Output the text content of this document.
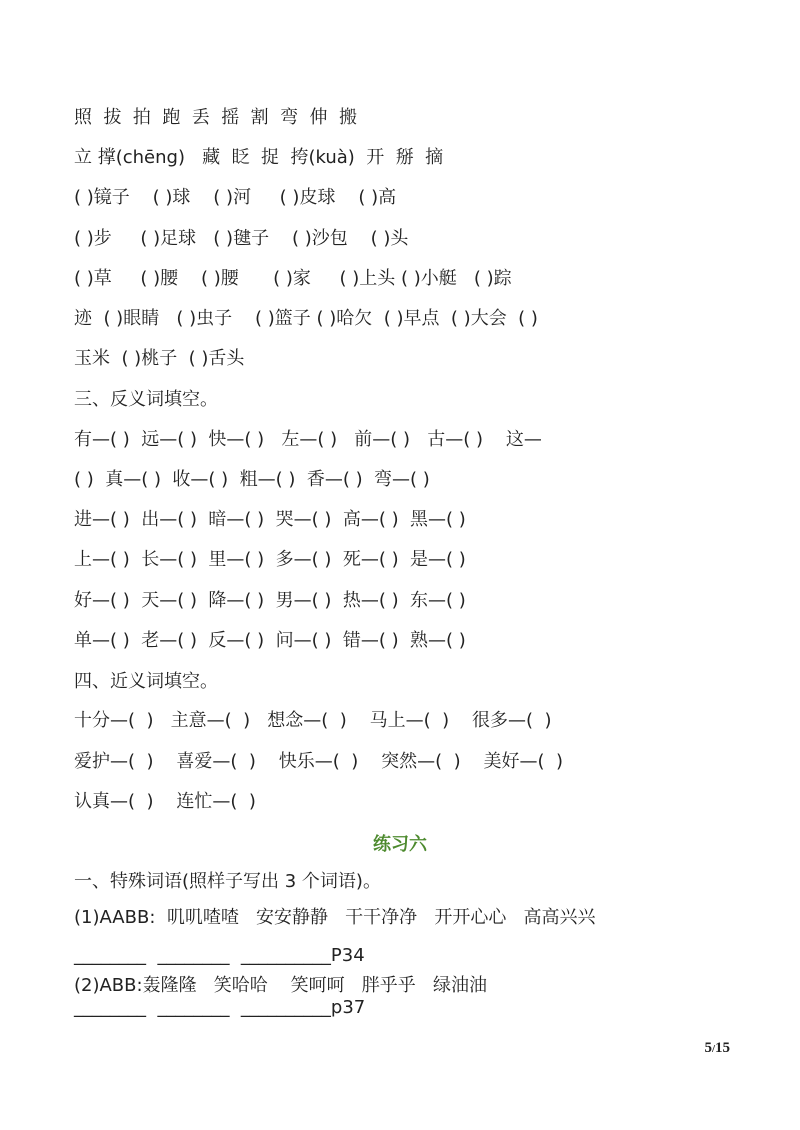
照  拔  拍  跑  丢  摇  割  弯  伸  搬
立 撑(chēng)   藏  眨  捉  挎(kuà)  开  掰  摘
( )镜子    ( )球    ( )河     ( )皮球    ( )高
( )步     ( )足球   ( )毽子    ( )沙包    ( )头
( )草     ( )腰    ( )腰      ( )家     ( )上头 ( )小艇   ( )踪
迹  ( )眼睛   ( )虫子    ( )篮子 ( )哈欠  ( )早点  ( )大会  ( )
玉米  ( )桃子  ( )舌头
三、反义词填空。
有—( )  远—( )  快—( )   左—( )   前—( )   古—( )    这—
( )  真—( )  收—( )  粗—( )  香—( )  弯—( )
进—( )  出—( )  暗—( )  哭—( )  高—( )  黑—( )
上—( )  长—( )  里—( )  多—( )  死—( )  是—( )
好—( )  天—( )  降—( )  男—( )  热—( )  东—( )
单—( )  老—( )  反—( )  问—( )  错—( )  熟—( )
四、近义词填空。
十分—(  )   主意—(  )   想念—(  )    马上—(  )    很多—(  )
爱护—(  )    喜爱—(  )    快乐—(  )    突然—(  )    美好—(  )
认真—(  )    连忙—(  )
练习六
一、特殊词语(照样子写出 3 个词语)。
(1)AABB:  叽叽喳喳   安安静静   干干净净   开开心心   高高兴兴
________  ________  __________P34
(2)ABB:轰隆隆   笑哈哈    笑呵呵   胖乎乎   绿油油
________  ________  __________p37
5/15
